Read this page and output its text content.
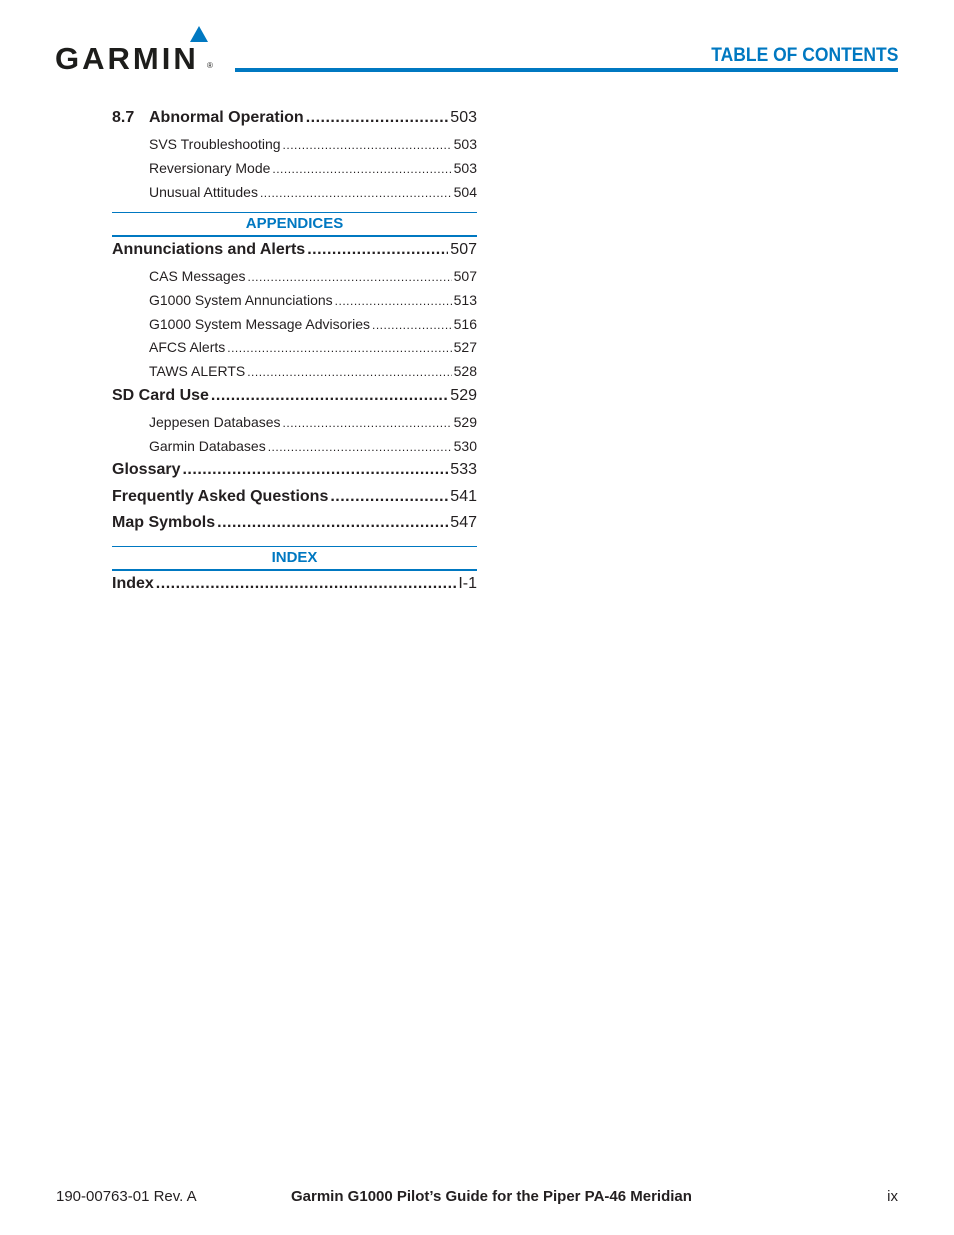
GARMIN ®	TABLE OF CONTENTS
8.7 Abnormal Operation .....	503
SVS Troubleshooting .....	503
Reversionary Mode .....	503
Unusual Attitudes .....	504
APPENDICES
Annunciations and Alerts .....	507
CAS Messages .....	507
G1000 System Annunciations .....	513
G1000 System Message Advisories .....	516
AFCS Alerts .....	527
TAWS ALERTS .....	528
SD Card Use .....	529
Jeppesen Databases .....	529
Garmin Databases .....	530
Glossary .....	533
Frequently Asked Questions .....	541
Map Symbols .....	547
INDEX
Index .....	I-1
190-00763-01 Rev. A	Garmin G1000 Pilot’s Guide for the Piper PA-46 Meridian	ix
